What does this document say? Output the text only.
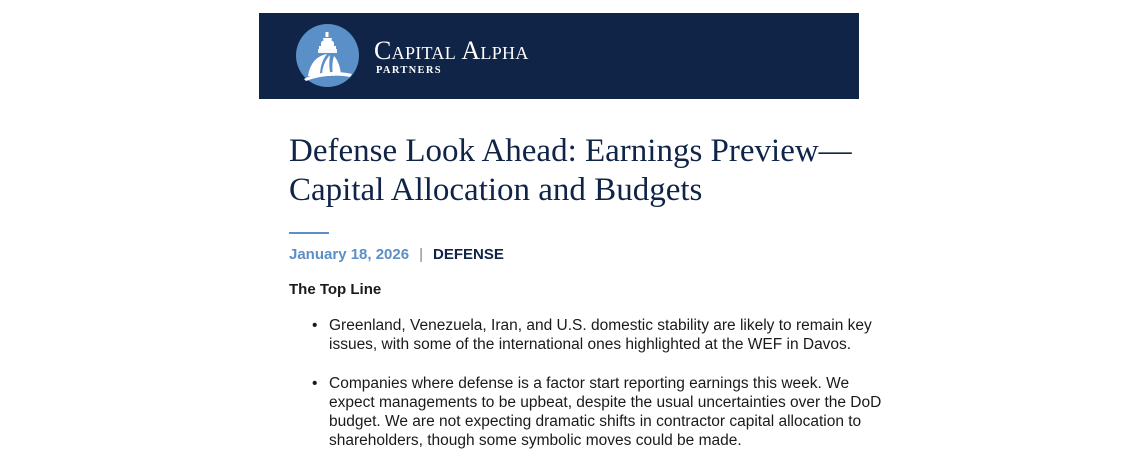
Capital Alpha
PARTNERS
Defense Look Ahead: Earnings Preview—Capital Allocation and Budgets
January 18, 2026 | DEFENSE
The Top Line
• Greenland, Venezuela, Iran, and U.S. domestic stability are likely to remain key issues, with some of the international ones highlighted at the WEF in Davos.
• Companies where defense is a factor start reporting earnings this week. We expect managements to be upbeat, despite the usual uncertainties over the DoD budget. We are not expecting dramatic shifts in contractor capital allocation to shareholders, though some symbolic moves could be made.
